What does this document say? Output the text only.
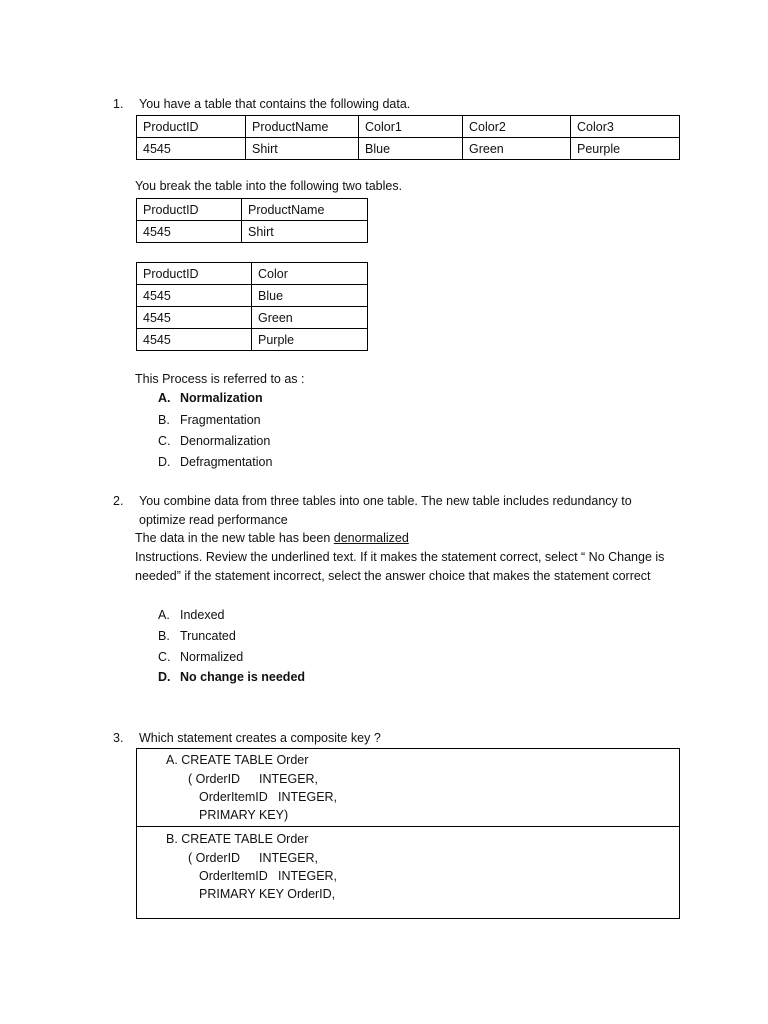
1. You have a table that contains the following data.
ProductID	ProductName	Color1	Color2	Color3
4545	Shirt	Blue	Green	Peurple
You break the table into the following two tables.
ProductID	ProductName
4545	Shirt
ProductID	Color
4545	Blue
4545	Green
4545	Purple
This Process is referred to as :
A. Normalization
B. Fragmentation
C. Denormalization
D. Defragmentation
2. You combine data from three tables into one table. The new table includes redundancy to
optimize read performance
The data in the new table has been denormalized
Instructions. Review the underlined text. If it makes the statement correct, select “ No Change is
needed” if the statement incorrect, select the answer choice that makes the statement correct
A. Indexed
B. Truncated
C. Normalized
D. No change is needed
3. Which statement creates a composite key ?
A. CREATE TABLE Order
( OrderID INTEGER,
OrderItemID INTEGER,
PRIMARY KEY)
B. CREATE TABLE Order
( OrderID INTEGER,
OrderItemID INTEGER,
PRIMARY KEY OrderID,
